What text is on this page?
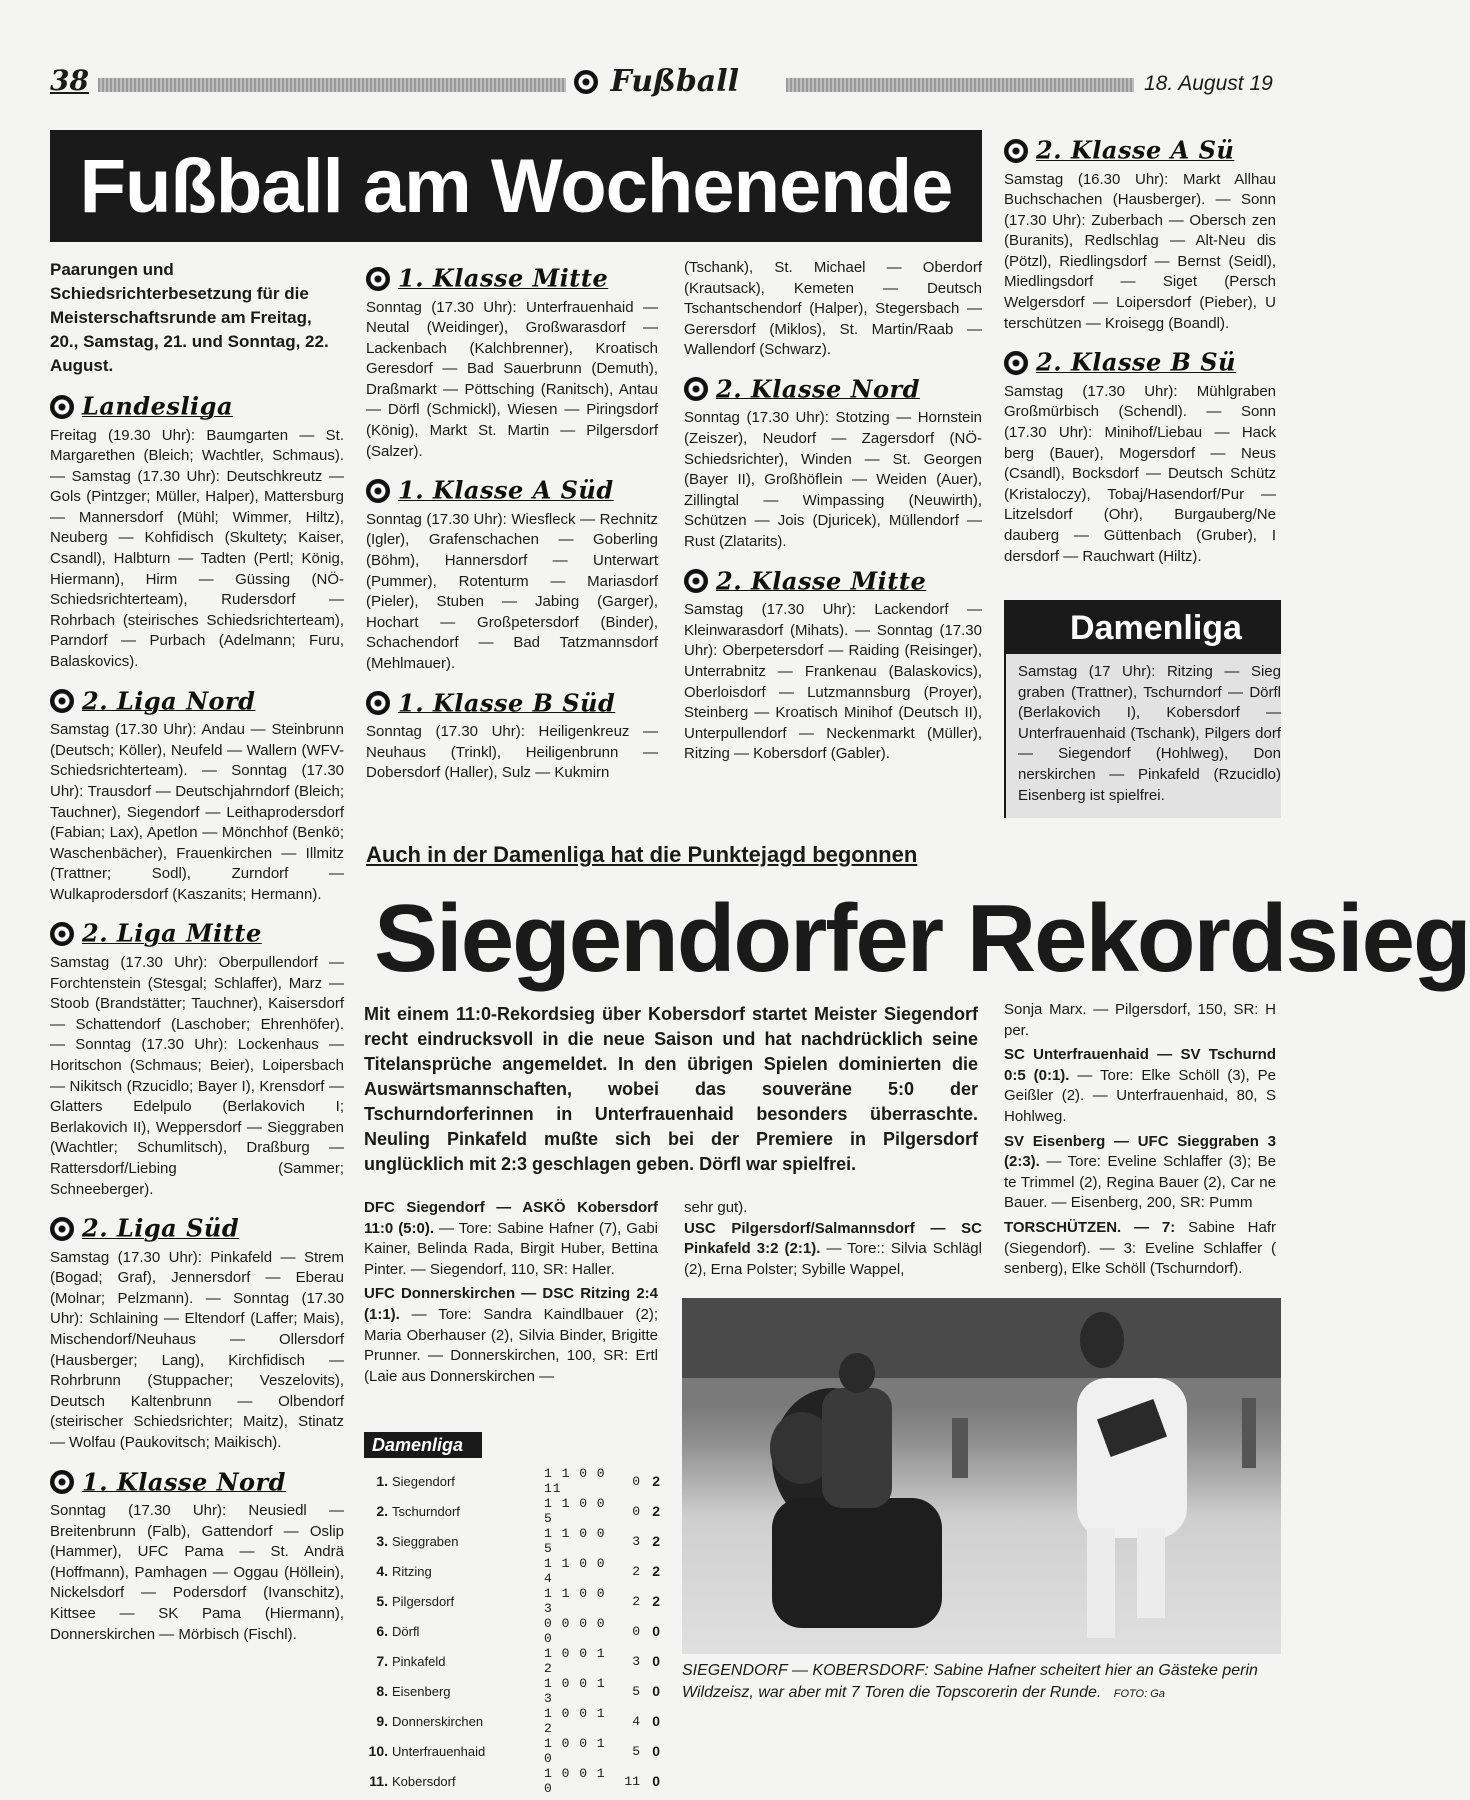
38	Fußball	18. August 19
Fußball am Wochenende
Paarungen und Schiedsrichterbesetzung für die Meisterschaftsrunde am Freitag, 20., Samstag, 21. und Sonntag, 22. August.
Landesliga
Freitag (19.30 Uhr): Baumgarten — St. Margarethen (Bleich; Wachtler, Schmaus). — Samstag (17.30 Uhr): Deutschkreutz — Gols (Pintzger; Müller, Halper), Mattersburg — Mannersdorf (Mühl; Wimmer, Hiltz), Neuberg — Kohfidisch (Skultety; Kaiser, Csandl), Halbturn — Tadten (Pertl; König, Hiermann), Hirm — Güssing (NÖ-Schiedsrichterteam), Rudersdorf — Rohrbach (steirisches Schiedsrichterteam), Parndorf — Purbach (Adelmann; Furu, Balaskovics).
2. Liga Nord
Samstag (17.30 Uhr): Andau — Steinbrunn (Deutsch; Köller), Neufeld — Wallern (WFV-Schiedsrichterteam). — Sonntag (17.30 Uhr): Trausdorf — Deutschjahrndorf (Bleich; Tauchner), Siegendorf — Leithaprodersdorf (Fabian; Lax), Apetlon — Mönchhof (Benkö; Waschenbächer), Frauenkirchen — Illmitz (Trattner; Sodl), Zurndorf — Wulkaprodersdorf (Kaszanits; Hermann).
2. Liga Mitte
Samstag (17.30 Uhr): Oberpullendorf — Forchtenstein (Stesgal; Schlaffer), Marz — Stoob (Brandstätter; Tauchner), Kaisersdorf — Schattendorf (Laschober; Ehrenhöfer). — Sonntag (17.30 Uhr): Lockenhaus — Horitschon (Schmaus; Beier), Loipersbach — Nikitsch (Rzucidlo; Bayer I), Krensdorf — Glatters Edelpulo (Berlakovich I; Berlakovich II), Weppersdorf — Sieggraben (Wachtler; Schumlitsch), Draßburg — Rattersdorf/Liebing (Sammer; Schneeberger).
2. Liga Süd
Samstag (17.30 Uhr): Pinkafeld — Strem (Bogad; Graf), Jennersdorf — Eberau (Molnar; Pelzmann). — Sonntag (17.30 Uhr): Schlaining — Eltendorf (Laffer; Mais), Mischendorf/Neuhaus — Ollersdorf (Hausberger; Lang), Kirchfidisch — Rohrbrunn (Stuppacher; Veszelovits), Deutsch Kaltenbrunn — Olbendorf (steirischer Schiedsrichter; Maitz), Stinatz — Wolfau (Paukovitsch; Maikisch).
1. Klasse Nord
Sonntag (17.30 Uhr): Neusiedl — Breitenbrunn (Falb), Gattendorf — Oslip (Hammer), UFC Pama — St. Andrä (Hoffmann), Pamhagen — Oggau (Höllein), Nickelsdorf — Podersdorf (Ivanschitz), Kittsee — SK Pama (Hiermann), Donnerskirchen — Mörbisch (Fischl).
1. Klasse Mitte
Sonntag (17.30 Uhr): Unterfrauenhaid — Neutal (Weidinger), Großwarasdorf — Lackenbach (Kalchbrenner), Kroatisch Geresdorf — Bad Sauerbrunn (Demuth), Draßmarkt — Pöttsching (Ranitsch), Antau — Dörfl (Schmickl), Wiesen — Piringsdorf (König), Markt St. Martin — Pilgersdorf (Salzer).
1. Klasse A Süd
Sonntag (17.30 Uhr): Wiesfleck — Rechnitz (Igler), Grafenschachen — Goberling (Böhm), Hannersdorf — Unterwart (Pummer), Rotenturm — Mariasdorf (Pieler), Stuben — Jabing (Garger), Hochart — Großpetersdorf (Binder), Schachendorf — Bad Tatzmannsdorf (Mehlmauer).
1. Klasse B Süd
Sonntag (17.30 Uhr): Heiligenkreuz — Neuhaus (Trinkl), Heiligenbrunn — Dobersdorf (Haller), Sulz — Kukmirn
(Tschank), St. Michael — Oberdorf (Krautsack), Kemeten — Deutsch Tschantschendorf (Halper), Stegersbach — Gerersdorf (Miklos), St. Martin/Raab — Wallendorf (Schwarz).
2. Klasse Nord
Sonntag (17.30 Uhr): Stotzing — Hornstein (Zeiszer), Neudorf — Zagersdorf (NÖ-Schiedsrichter), Winden — St. Georgen (Bayer II), Großhöflein — Weiden (Auer), Zillingtal — Wimpassing (Neuwirth), Schützen — Jois (Djuricek), Müllendorf — Rust (Zlatarits).
2. Klasse Mitte
Samstag (17.30 Uhr): Lackendorf — Kleinwarasdorf (Mihats). — Sonntag (17.30 Uhr): Oberpetersdorf — Raiding (Reisinger), Unterrabnitz — Frankenau (Balaskovics), Oberloisdorf — Lutzmannsburg (Proyer), Steinberg — Kroatisch Minihof (Deutsch II), Unterpullendorf — Neckenmarkt (Müller), Ritzing — Kobersdorf (Gabler).
2. Klasse A Sü
Samstag (16.30 Uhr): Markt Allhau Buchschachen (Hausberger). — Sonn (17.30 Uhr): Zuberbach — Obersch zen (Buranits), Redlschlag — Alt-Neu dis (Pötzl), Riedlingsdorf — Bernst (Seidl), Miedlingsdorf — Siget (Persch Welgersdorf — Loipersdorf (Pieber), U terschützen — Kroisegg (Boandl).
2. Klasse B Sü
Samstag (17.30 Uhr): Mühlgraben Großmürbisch (Schendl). — Sonn (17.30 Uhr): Minihof/Liebau — Hack berg (Bauer), Mogersdorf — Neus (Csandl), Bocksdorf — Deutsch Schütz (Kristaloczy), Tobaj/Hasendorf/Pur — Litzelsdorf (Ohr), Burgauberg/Ne dauberg — Güttenbach (Gruber), I dersdorf — Rauchwart (Hiltz).
Damenliga
Samstag (17 Uhr): Ritzing — Sieg graben (Trattner), Tschurndorf — Dörfl (Berlakovich I), Kobersdorf — Unterfrauenhaid (Tschank), Pilgers dorf — Siegendorf (Hohlweg), Don nerskirchen — Pinkafeld (Rzucidlo) Eisenberg ist spielfrei.
Auch in der Damenliga hat die Punktejagd begonnen
Siegendorfer Rekordsieg
Mit einem 11:0-Rekordsieg über Kobersdorf startet Meister Siegendorf recht eindrucksvoll in die neue Saison und hat nachdrücklich seine Titelansprüche angemeldet. In den übrigen Spielen dominierten die Auswärtsmannschaften, wobei das souveräne 5:0 der Tschurndorferinnen in Unterfrauenhaid besonders überraschte. Neuling Pinkafeld mußte sich bei der Premiere in Pilgersdorf unglücklich mit 2:3 geschlagen geben. Dörfl war spielfrei.

DFC Siegendorf — ASKÖ Kobersdorf 11:0 (5:0). — Tore: Sabine Hafner (7), Gabi Kainer, Belinda Rada, Birgit Huber, Bettina Pinter. — Siegendorf, 110, SR: Haller.

UFC Donnerskirchen — DSC Ritzing 2:4 (1:1). — Tore: Sandra Kaindlbauer (2); Maria Oberhauser (2), Silvia Binder, Brigitte Prunner. — Donnerskirchen, 100, SR: Ertl (Laie aus Donnerskirchen —

sehr gut).

USC Pilgersdorf/Salmannsdorf — SC Pinkafeld 3:2 (2:1). — Tore:: Silvia Schlägl (2), Erna Polster; Sybille Wappel,

Sonja Marx. — Pilgersdorf, 150, SR: H per.

SC Unterfrauenhaid — SV Tschurnd 0:5 (0:1). — Tore: Elke Schöll (3), Pe Geißler (2). — Unterfrauenhaid, 80, S Hohlweg.

SV Eisenberg — UFC Sieggraben 3 (2:3). — Tore: Eveline Schlaffer (3); Be te Trimmel (2), Regina Bauer (2), Car ne Bauer. — Eisenberg, 200, SR: Pumm

TORSCHÜTZEN. — 7: Sabine Hafr (Siegendorf). — 3: Eveline Schlaffer ( senberg), Elke Schöll (Tschurndorf).

Damenliga
1.	Siegendorf	1 1 0 0 11	0	2
2.	Tschurndorf	1 1 0 0 5	0	2
3.	Sieggraben	1 1 0 0 5	3	2
4.	Ritzing	1 1 0 0 4	2	2
5.	Pilgersdorf	1 1 0 0 3	2	2
6.	Dörfl	0 0 0 0 0	0	0
7.	Pinkafeld	1 0 0 1 2	3	0
8.	Eisenberg	1 0 0 1 3	5	0
9.	Donnerskirchen	1 0 0 1 2	4	0
10.	Unterfrauenhaid	1 0 0 1 0	5	0
11.	Kobersdorf	1 0 0 1 0	11	0
SIEGENDORF — KOBERSDORF: Sabine Hafner scheitert hier an Gästeke perin Wildzeisz, war aber mit 7 Toren die Topscorerin der Runde. FOTO: Ga
